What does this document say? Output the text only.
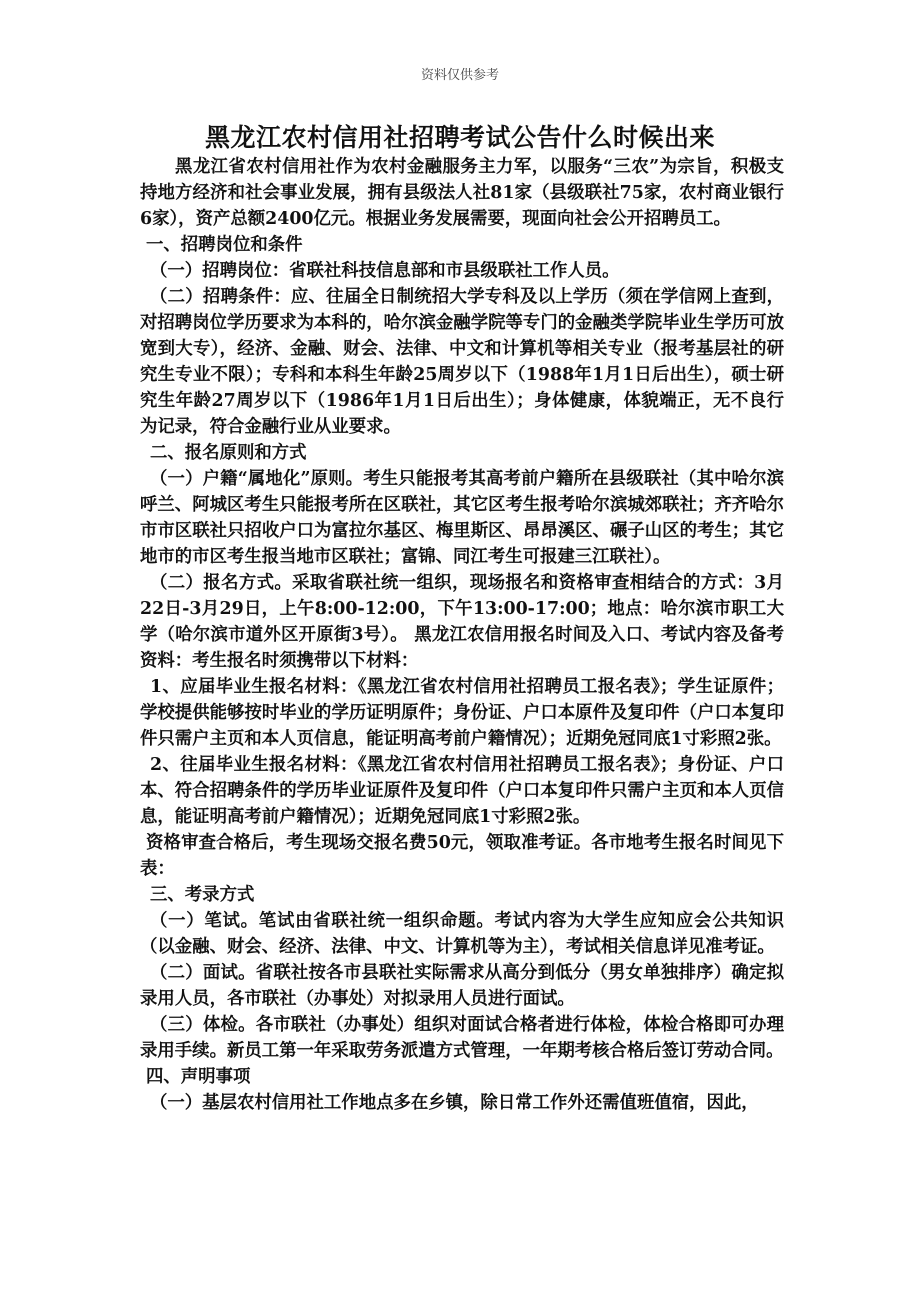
资料仅供参考
黑龙江农村信用社招聘考试公告什么时候出来

黑龙江省农村信用社作为农村金融服务主力军，以服务“三农”为宗旨，积极支持地方经济和社会事业发展，拥有县级法人社81家（县级联社75家，农村商业银行6家），资产总额2400亿元。根据业务发展需要，现面向社会公开招聘员工。

一、招聘岗位和条件

（一）招聘岗位：省联社科技信息部和市县级联社工作人员。

（二）招聘条件：应、往届全日制统招大学专科及以上学历（须在学信网上查到，对招聘岗位学历要求为本科的，哈尔滨金融学院等专门的金融类学院毕业生学历可放宽到大专），经济、金融、财会、法律、中文和计算机等相关专业（报考基层社的研究生专业不限）；专科和本科生年龄25周岁以下（1988年1月1日后出生），硕士研究生年龄27周岁以下（1986年1月1日后出生）；身体健康，体貌端正，无不良行为记录，符合金融行业从业要求。

二、报名原则和方式

（一）户籍“属地化”原则。考生只能报考其高考前户籍所在县级联社（其中哈尔滨呼兰、阿城区考生只能报考所在区联社，其它区考生报考哈尔滨城郊联社；齐齐哈尔市市区联社只招收户口为富拉尔基区、梅里斯区、昂昂溪区、碾子山区的考生；其它地市的市区考生报当地市区联社；富锦、同江考生可报建三江联社）。

（二）报名方式。采取省联社统一组织，现场报名和资格审查相结合的方式：3月22日-3月29日，上午8:00-12:00，下午13:00-17:00；地点：哈尔滨市职工大学（哈尔滨市道外区开原街3号）。 黑龙江农信用报名时间及入口、考试内容及备考资料：考生报名时须携带以下材料：

1、应届毕业生报名材料：《黑龙江省农村信用社招聘员工报名表》；学生证原件；学校提供能够按时毕业的学历证明原件；身份证、户口本原件及复印件（户口本复印件只需户主页和本人页信息，能证明高考前户籍情况）；近期免冠同底1寸彩照2张。

2、往届毕业生报名材料：《黑龙江省农村信用社招聘员工报名表》；身份证、户口本、符合招聘条件的学历毕业证原件及复印件（户口本复印件只需户主页和本人页信息，能证明高考前户籍情况）；近期免冠同底1寸彩照2张。

资格审查合格后，考生现场交报名费50元，领取准考证。各市地考生报名时间见下表：

三、考录方式

（一）笔试。笔试由省联社统一组织命题。考试内容为大学生应知应会公共知识（以金融、财会、经济、法律、中文、计算机等为主），考试相关信息详见准考证。

（二）面试。省联社按各市县联社实际需求从高分到低分（男女单独排序）确定拟录用人员，各市联社（办事处）对拟录用人员进行面试。

（三）体检。各市联社（办事处）组织对面试合格者进行体检，体检合格即可办理录用手续。新员工第一年采取劳务派遣方式管理，一年期考核合格后签订劳动合同。

四、声明事项

（一）基层农村信用社工作地点多在乡镇，除日常工作外还需值班值宿，因此，
